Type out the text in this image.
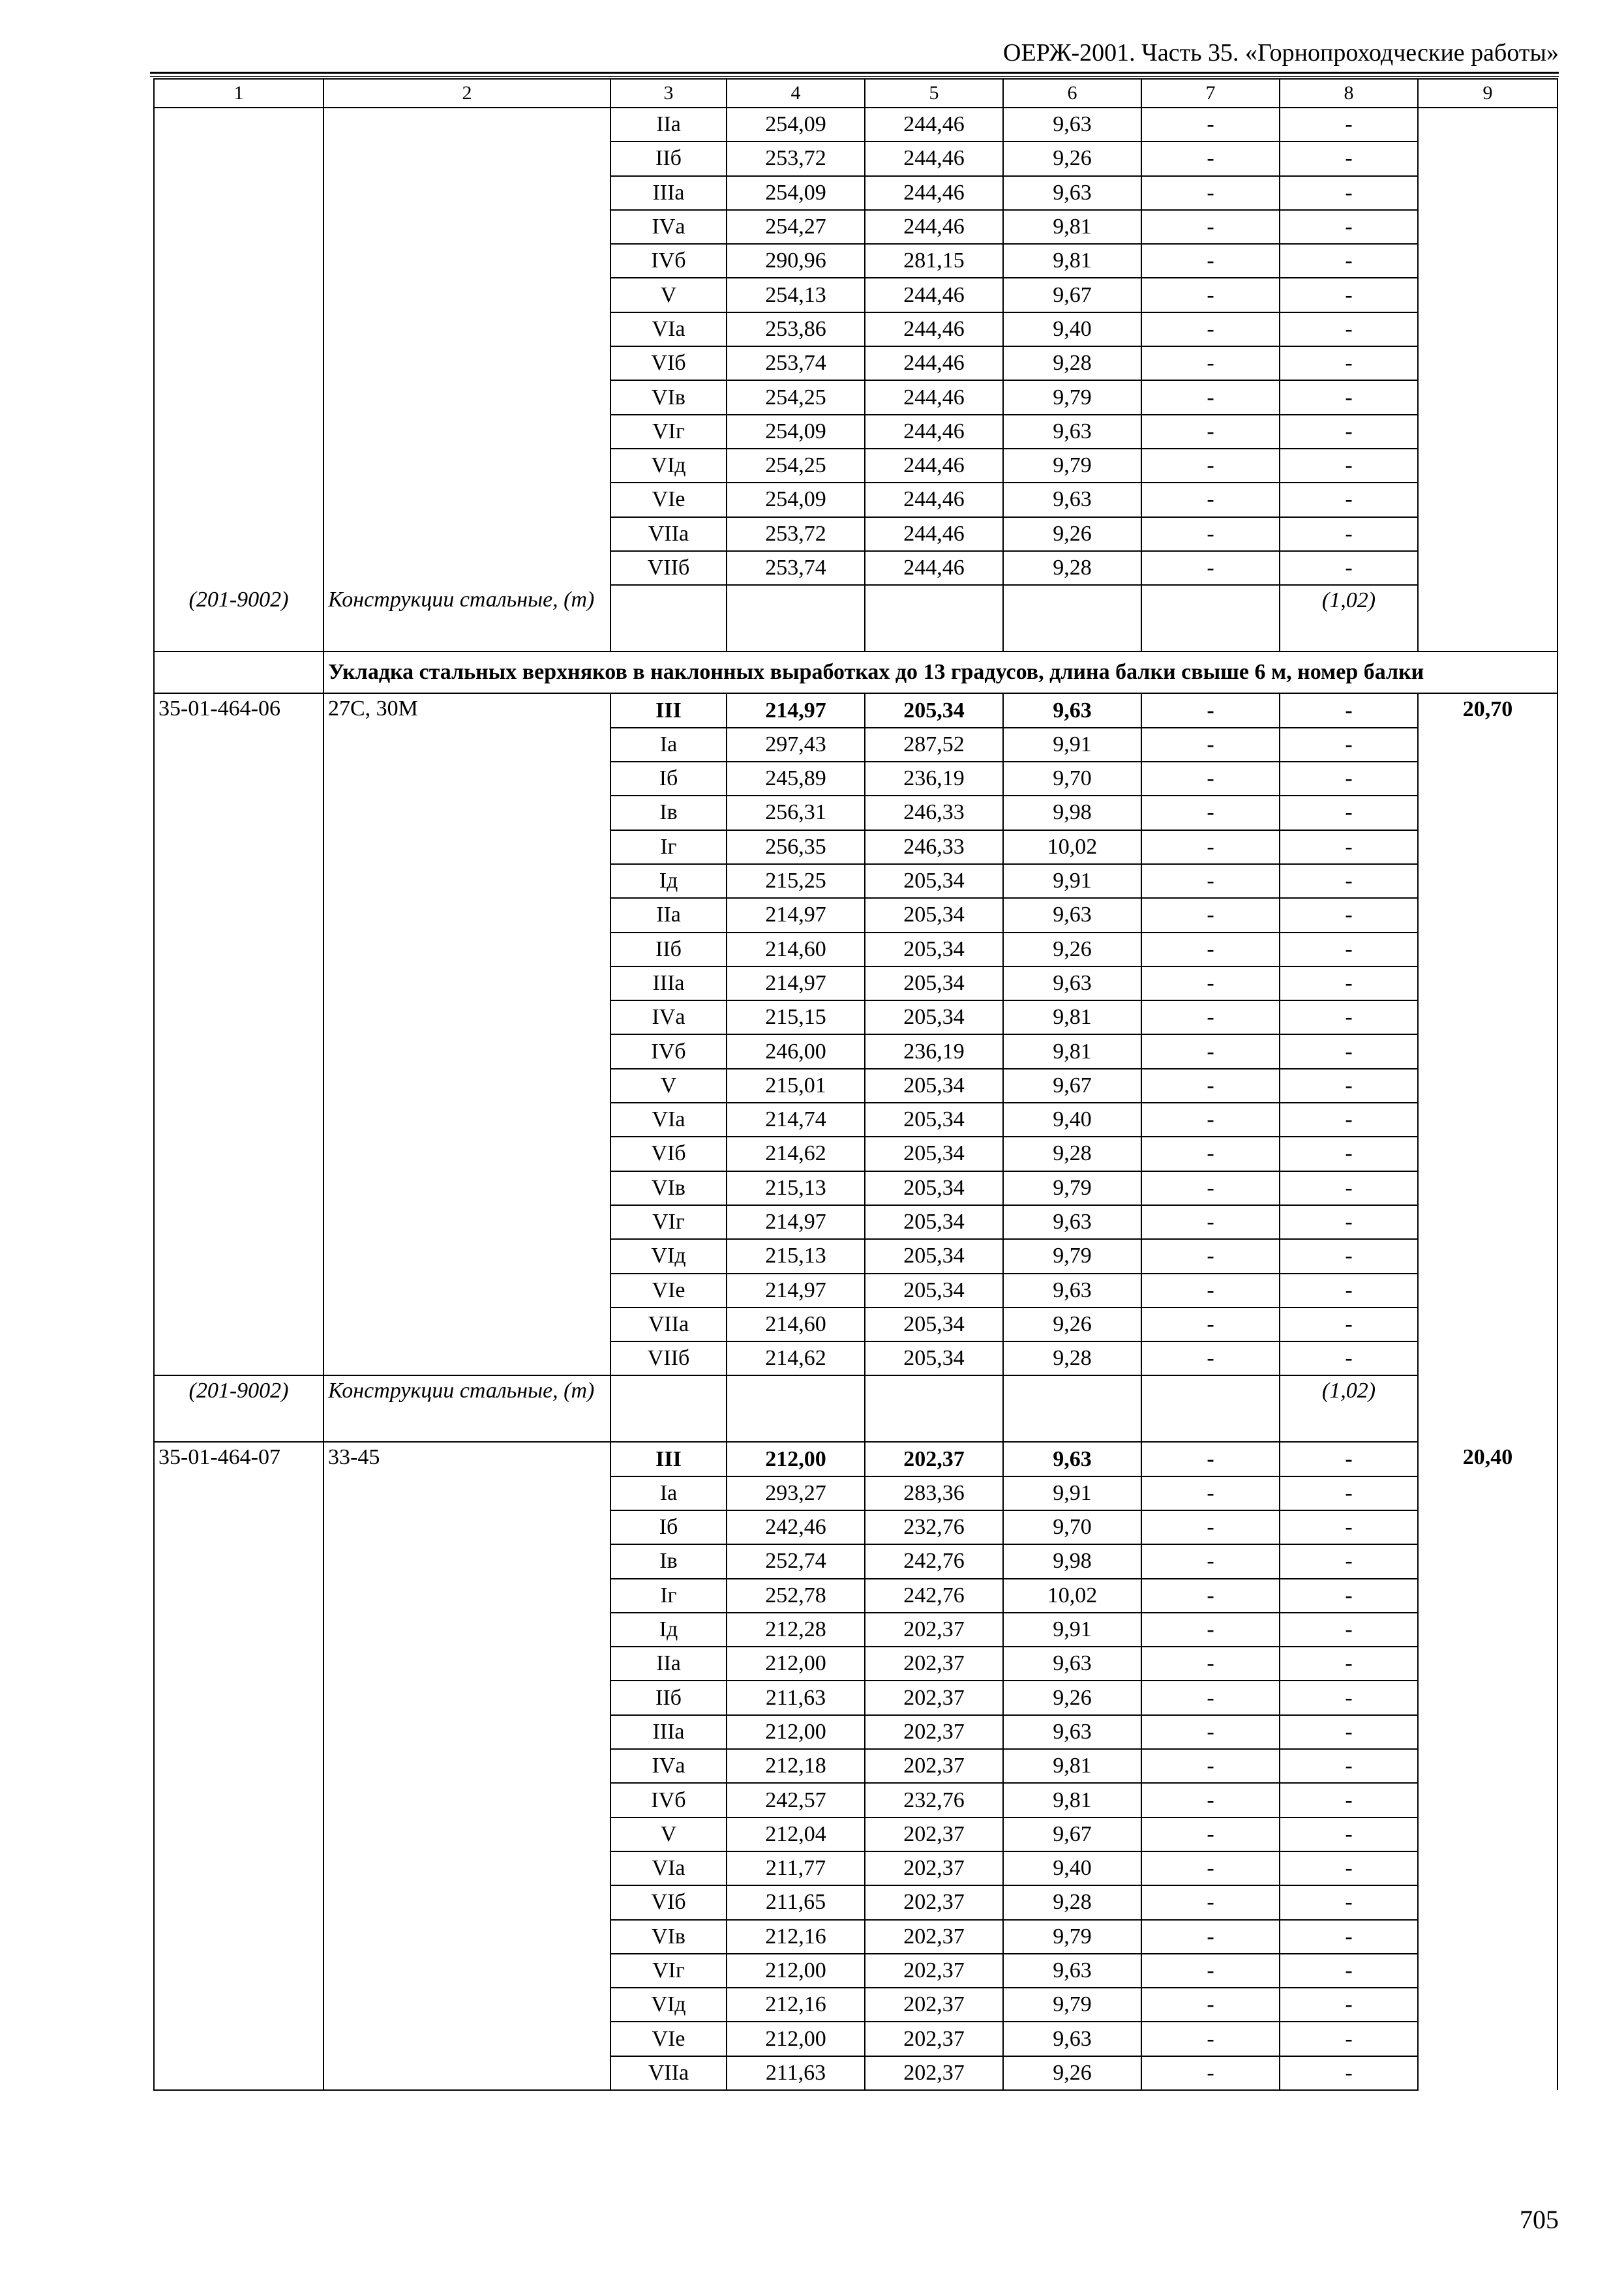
ОЕРЖ-2001. Часть 35. «Горнопроходческие работы»
1	2	3	4	5	6	7	8	9
		IIа	254,09	244,46	9,63	-	-	
		IIб	253,72	244,46	9,26	-	-	
		IIIа	254,09	244,46	9,63	-	-	
		IVа	254,27	244,46	9,81	-	-	
		IVб	290,96	281,15	9,81	-	-	
		V	254,13	244,46	9,67	-	-	
		VIа	253,86	244,46	9,40	-	-	
		VIб	253,74	244,46	9,28	-	-	
		VIв	254,25	244,46	9,79	-	-	
		VIг	254,09	244,46	9,63	-	-	
		VIд	254,25	244,46	9,79	-	-	
		VIе	254,09	244,46	9,63	-	-	
		VIIа	253,72	244,46	9,26	-	-	
		VIIб	253,74	244,46	9,28	-	-	
(201-9002)	Конструкции стальные, (т)						(1,02)	
	Укладка стальных верхняков в наклонных выработках до 13 градусов, длина балки свыше 6 м, номер балки							
35-01-464-06	27С, 30М	III	214,97	205,34	9,63	-	-	20,70
		Iа	297,43	287,52	9,91	-	-	
		Iб	245,89	236,19	9,70	-	-	
		Iв	256,31	246,33	9,98	-	-	
		Iг	256,35	246,33	10,02	-	-	
		Iд	215,25	205,34	9,91	-	-	
		IIа	214,97	205,34	9,63	-	-	
		IIб	214,60	205,34	9,26	-	-	
		IIIа	214,97	205,34	9,63	-	-	
		IVа	215,15	205,34	9,81	-	-	
		IVб	246,00	236,19	9,81	-	-	
		V	215,01	205,34	9,67	-	-	
		VIа	214,74	205,34	9,40	-	-	
		VIб	214,62	205,34	9,28	-	-	
		VIв	215,13	205,34	9,79	-	-	
		VIг	214,97	205,34	9,63	-	-	
		VIд	215,13	205,34	9,79	-	-	
		VIе	214,97	205,34	9,63	-	-	
		VIIа	214,60	205,34	9,26	-	-	
		VIIб	214,62	205,34	9,28	-	-	
(201-9002)	Конструкции стальные, (т)						(1,02)	
35-01-464-07	33-45	III	212,00	202,37	9,63	-	-	20,40
		Iа	293,27	283,36	9,91	-	-	
		Iб	242,46	232,76	9,70	-	-	
		Iв	252,74	242,76	9,98	-	-	
		Iг	252,78	242,76	10,02	-	-	
		Iд	212,28	202,37	9,91	-	-	
		IIа	212,00	202,37	9,63	-	-	
		IIб	211,63	202,37	9,26	-	-	
		IIIа	212,00	202,37	9,63	-	-	
		IVа	212,18	202,37	9,81	-	-	
		IVб	242,57	232,76	9,81	-	-	
		V	212,04	202,37	9,67	-	-	
		VIа	211,77	202,37	9,40	-	-	
		VIб	211,65	202,37	9,28	-	-	
		VIв	212,16	202,37	9,79	-	-	
		VIг	212,00	202,37	9,63	-	-	
		VIд	212,16	202,37	9,79	-	-	
		VIе	212,00	202,37	9,63	-	-	
		VIIа	211,63	202,37	9,26	-	-	
705
